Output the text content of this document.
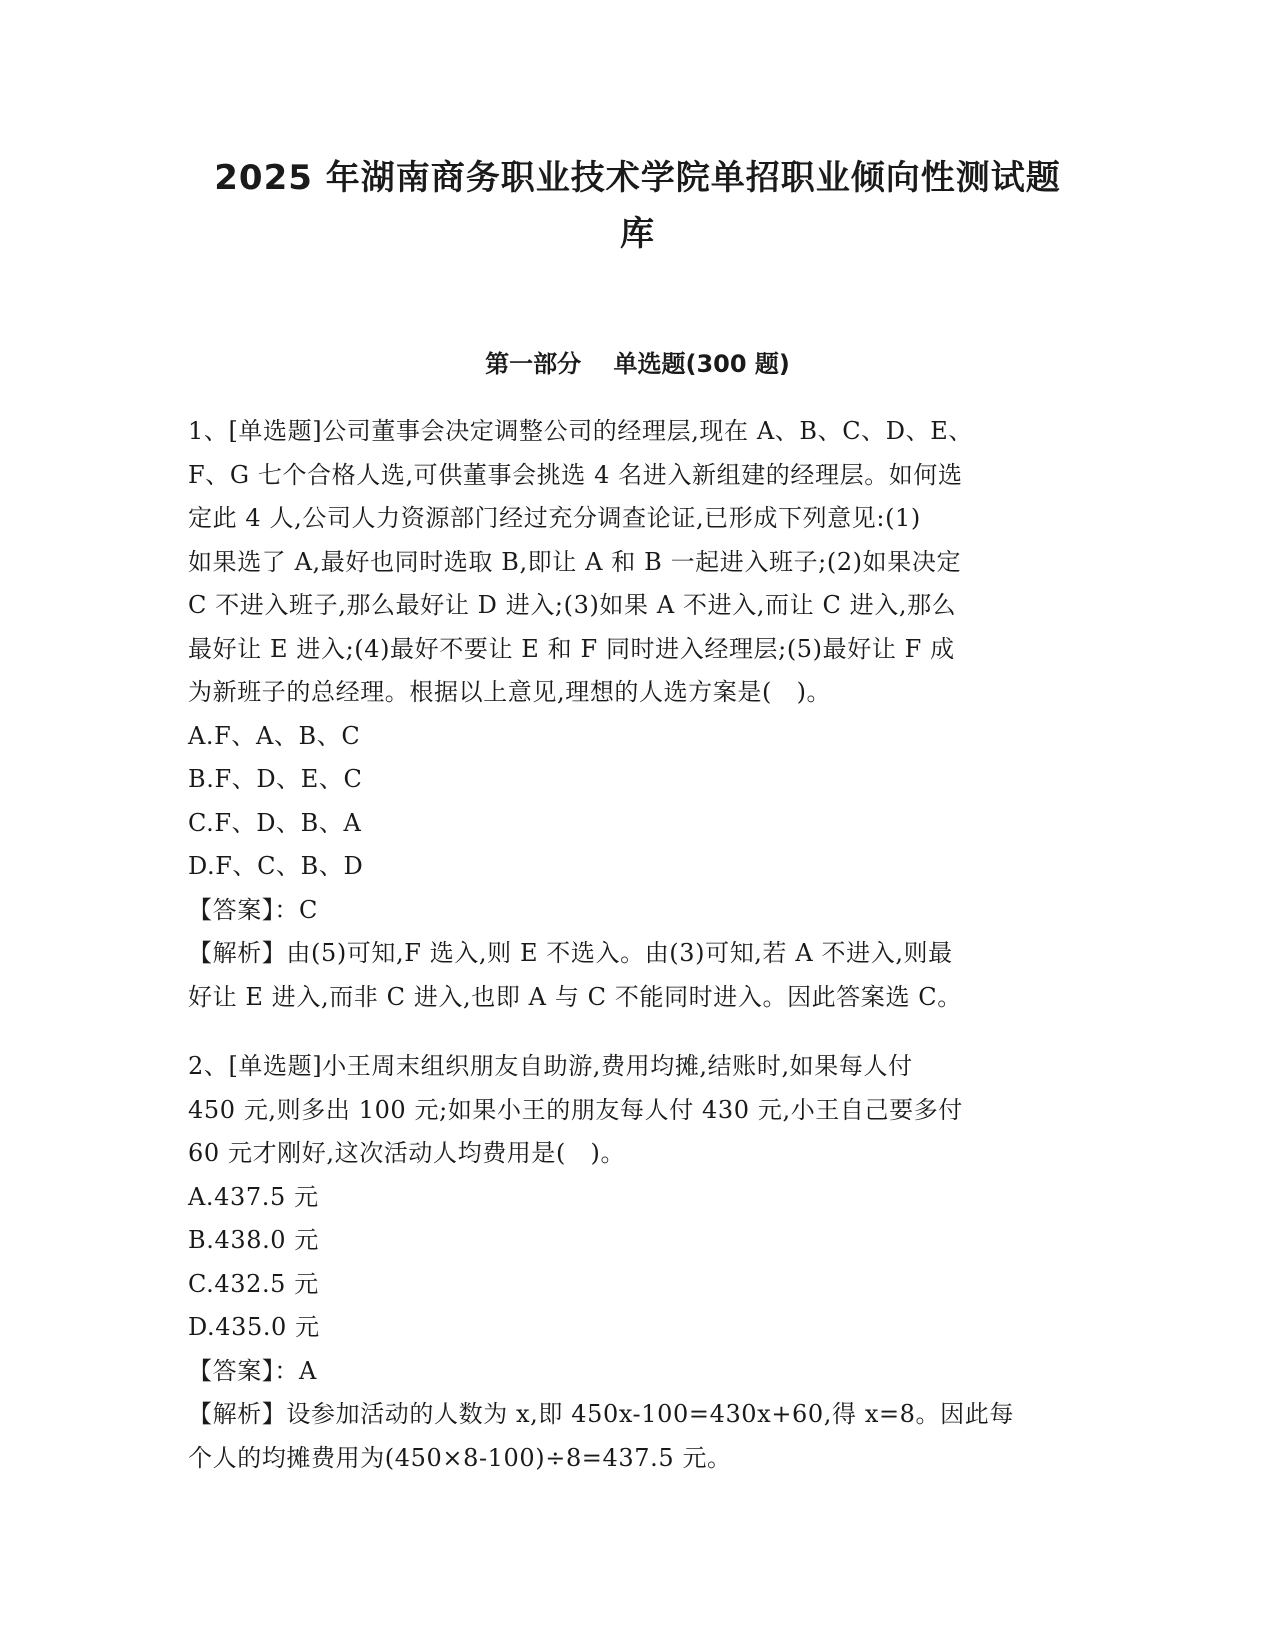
2025 年湖南商务职业技术学院单招职业倾向性测试题
库
第一部分　 单选题(300 题)

1、[单选题]公司董事会决定调整公司的经理层,现在 A、B、C、D、E、
F、G 七个合格人选,可供董事会挑选 4 名进入新组建的经理层。如何选
定此 4 人,公司人力资源部门经过充分调查论证,已形成下列意见:(1)
如果选了 A,最好也同时选取 B,即让 A 和 B 一起进入班子;(2)如果决定
C 不进入班子,那么最好让 D 进入;(3)如果 A 不进入,而让 C 进入,那么
最好让 E 进入;(4)最好不要让 E 和 F 同时进入经理层;(5)最好让 F 成
为新班子的总经理。根据以上意见,理想的人选方案是(　)。

A.F、A、B、C
B.F、D、E、C
C.F、D、B、A
D.F、C、B、D

【答案】：C

【解析】由(5)可知,F 选入,则 E 不选入。由(3)可知,若 A 不进入,则最
好让 E 进入,而非 C 进入,也即 A 与 C 不能同时进入。因此答案选 C。

2、[单选题]小王周末组织朋友自助游,费用均摊,结账时,如果每人付
450 元,则多出 100 元;如果小王的朋友每人付 430 元,小王自己要多付
60 元才刚好,这次活动人均费用是(　)。

A.437.5 元
B.438.0 元
C.432.5 元
D.435.0 元

【答案】：A

【解析】设参加活动的人数为 x,即 450x-100=430x+60,得 x=8。因此每
个人的均摊费用为(450×8-100)÷8=437.5 元。
